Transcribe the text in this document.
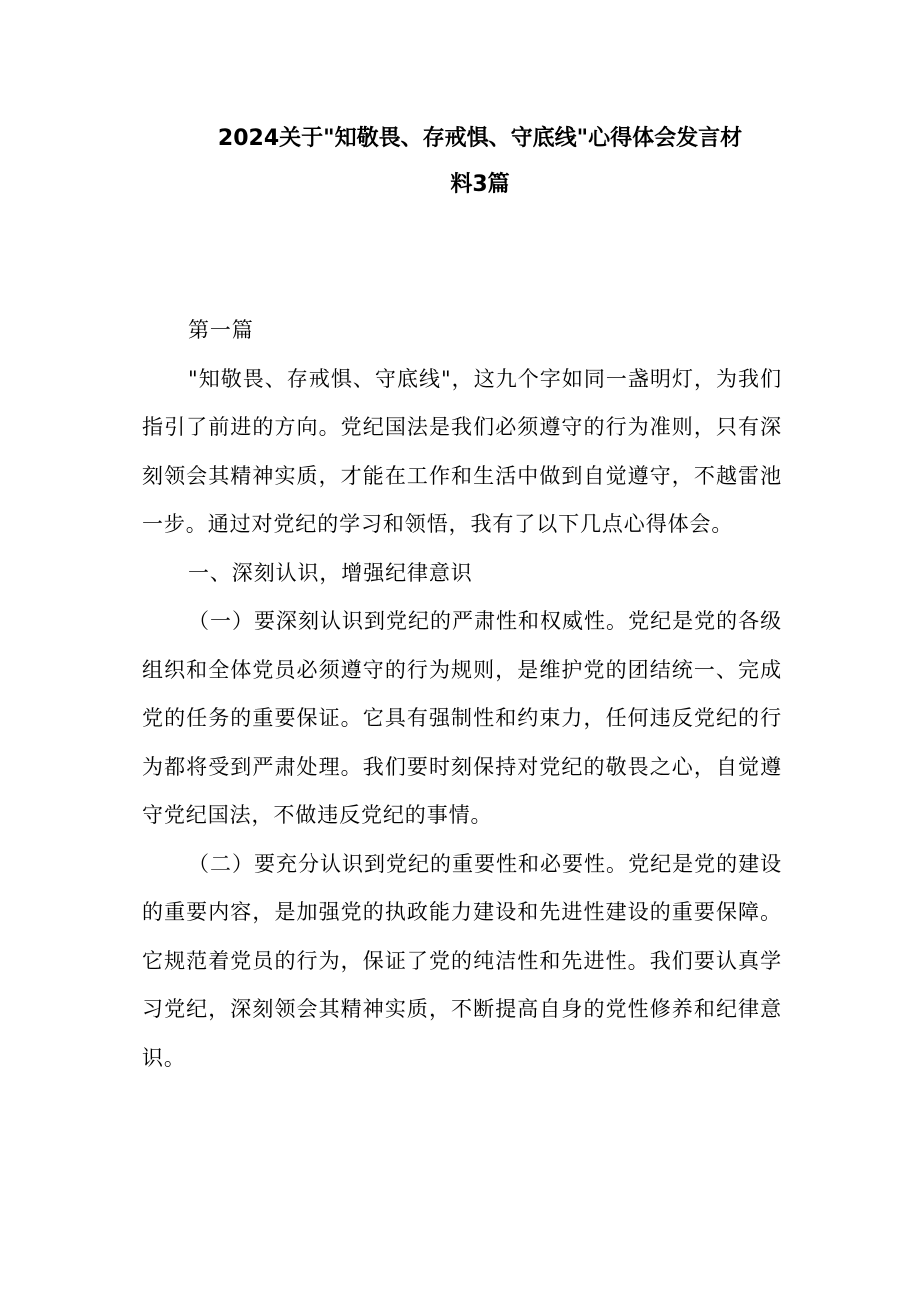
2024关于"知敬畏、存戒惧、守底线"心得体会发言材
料3篇

第一篇

"知敬畏、存戒惧、守底线"，这九个字如同一盏明灯，为我们指引了前进的方向。党纪国法是我们必须遵守的行为准则，只有深刻领会其精神实质，才能在工作和生活中做到自觉遵守，不越雷池一步。通过对党纪的学习和领悟，我有了以下几点心得体会。

一、深刻认识，增强纪律意识

（一）要深刻认识到党纪的严肃性和权威性。党纪是党的各级组织和全体党员必须遵守的行为规则，是维护党的团结统一、完成党的任务的重要保证。它具有强制性和约束力，任何违反党纪的行为都将受到严肃处理。我们要时刻保持对党纪的敬畏之心，自觉遵守党纪国法，不做违反党纪的事情。

（二）要充分认识到党纪的重要性和必要性。党纪是党的建设的重要内容，是加强党的执政能力建设和先进性建设的重要保障。它规范着党员的行为，保证了党的纯洁性和先进性。我们要认真学习党纪，深刻领会其精神实质，不断提高自身的党性修养和纪律意识。
